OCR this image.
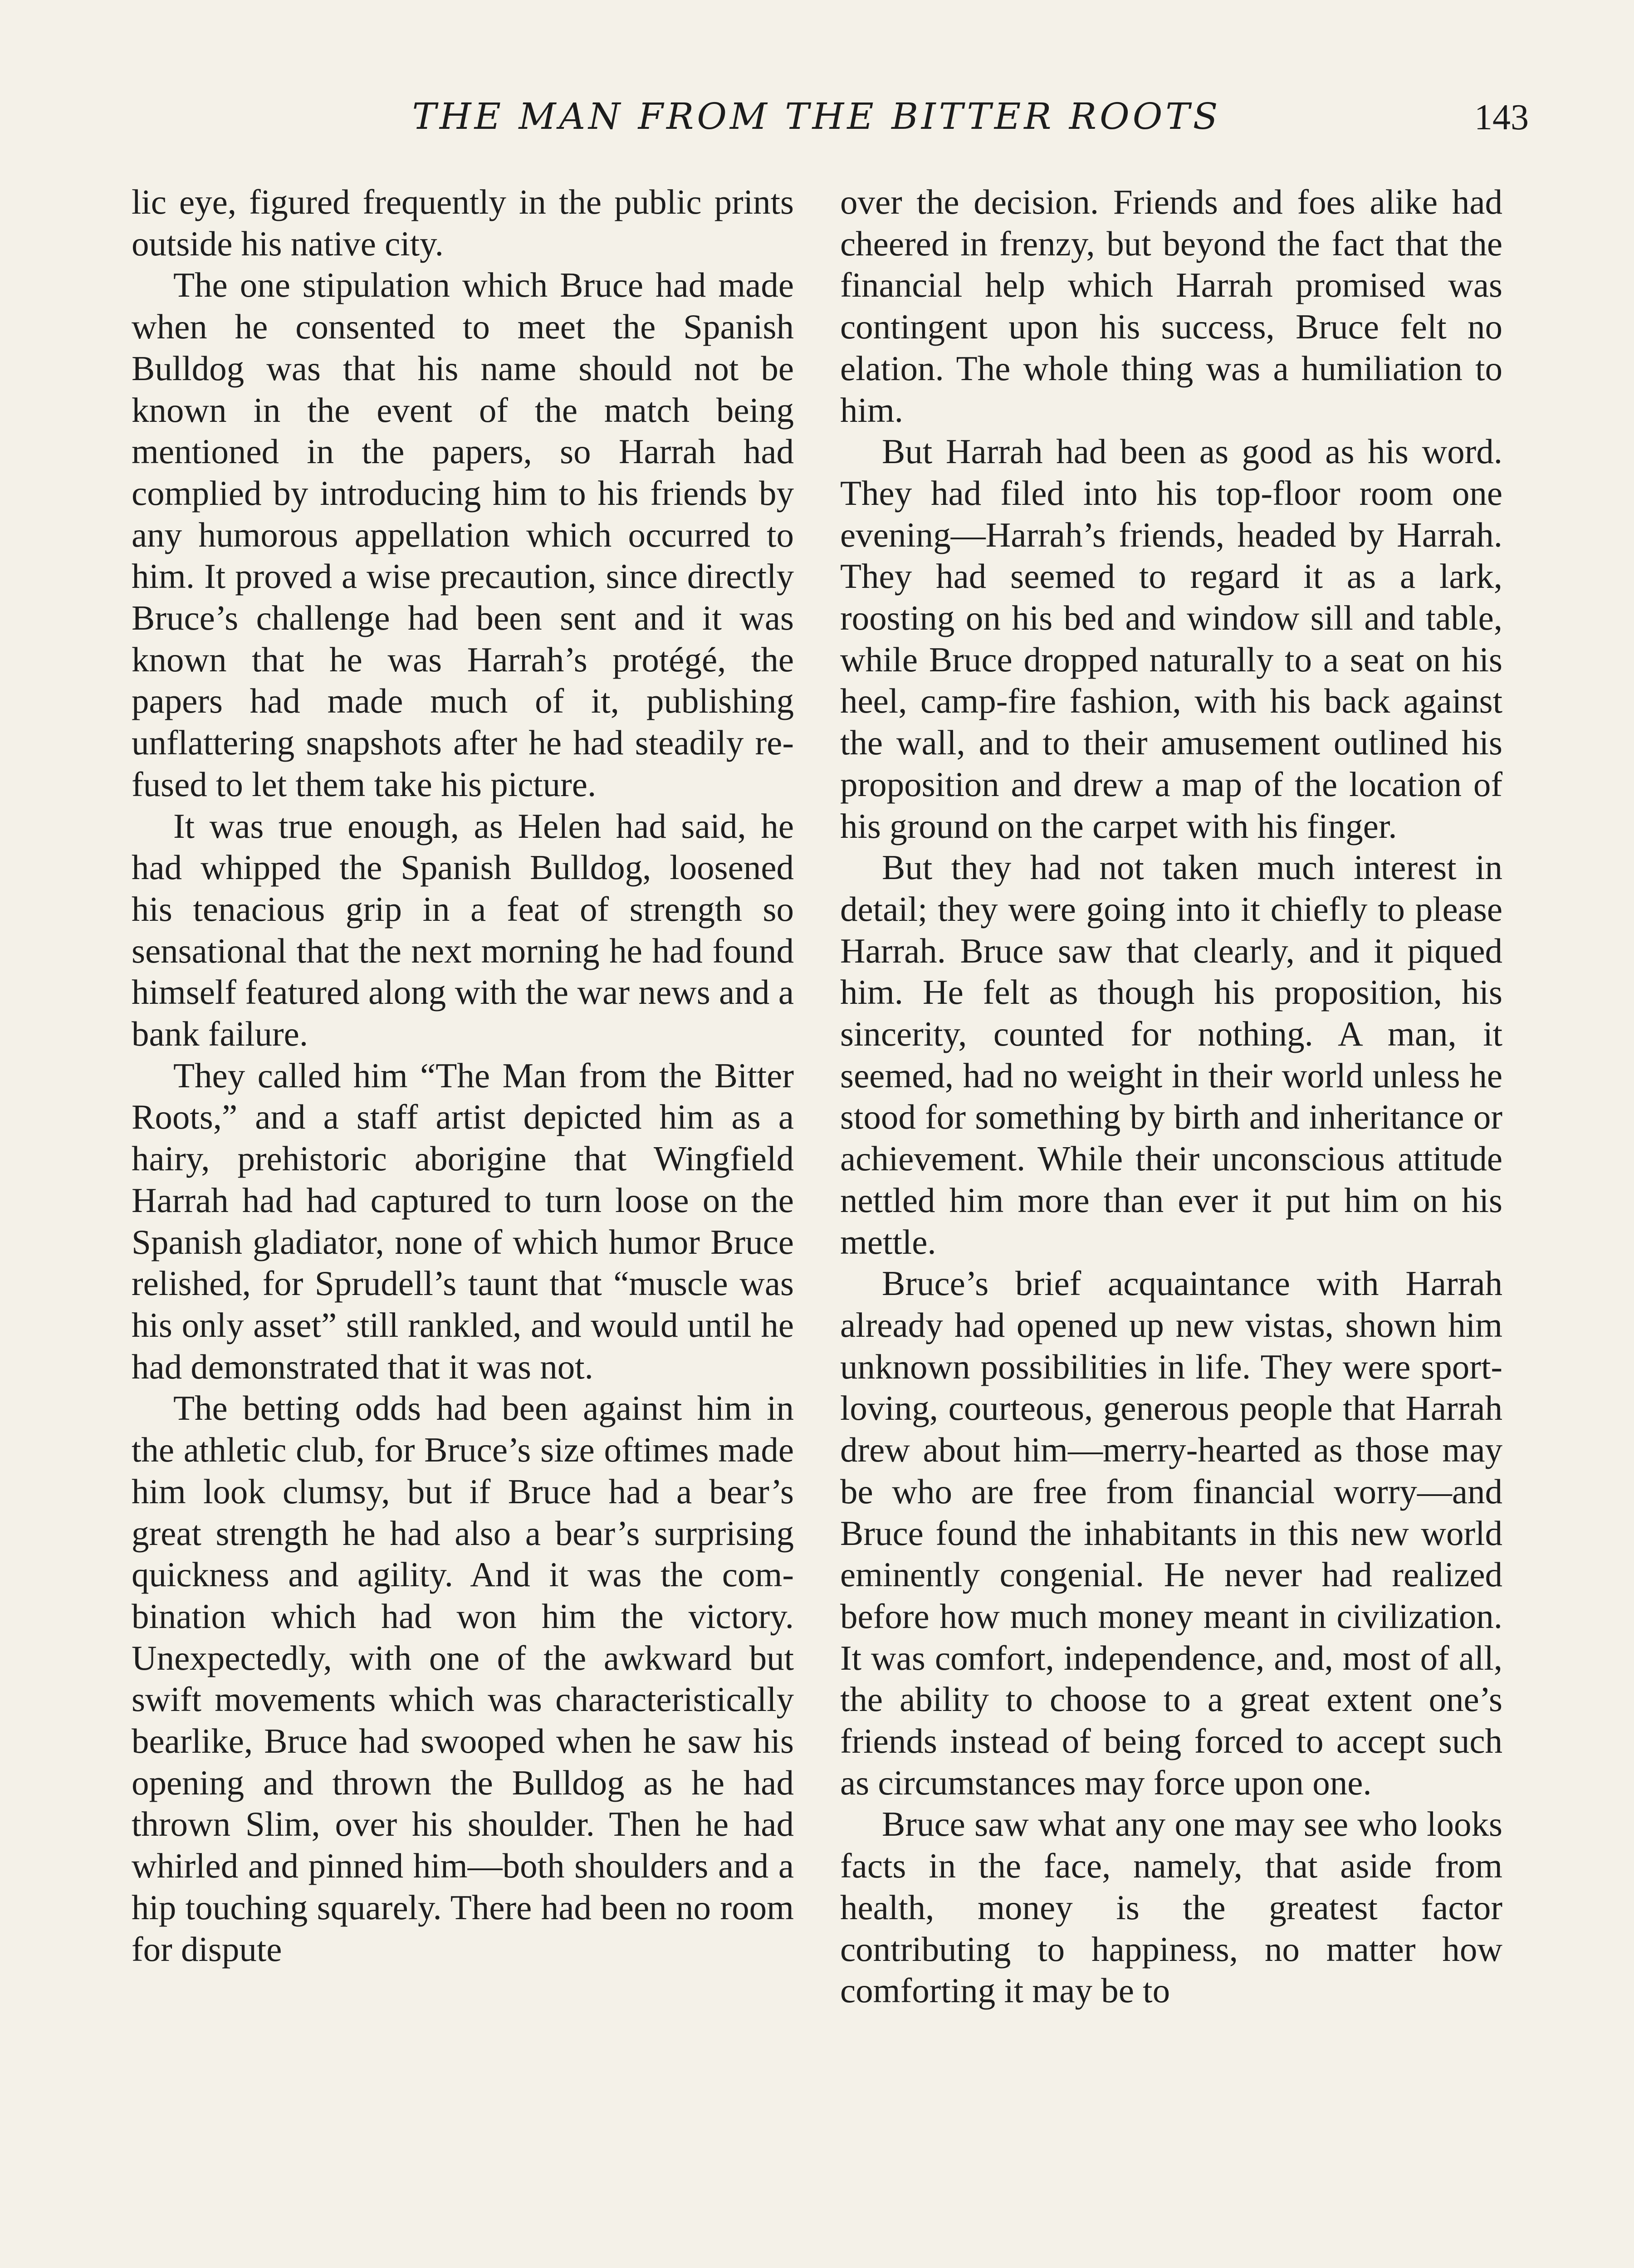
THE MAN FROM THE BITTER ROOTS	143

lic eye, figured frequently in the public prints outside his native city.

The one stipulation which Bruce had made when he consented to meet the Spanish Bulldog was that his name should not be known in the event of the match being mentioned in the papers, so Harrah had complied by introducing him to his friends by any humorous appellation which occurred to him. It proved a wise precaution, since directly Bruce’s challenge had been sent and it was known that he was Harrah’s protégé, the papers had made much of it, publishing unflattering snapshots after he had steadily refused to let them take his picture.

It was true enough, as Helen had said, he had whipped the Spanish Bulldog, loosened his tenacious grip in a feat of strength so sensational that the next morning he had found himself featured along with the war news and a bank failure.

They called him “The Man from the Bitter Roots,” and a staff artist depicted him as a hairy, prehistoric aborigine that Wingfield Harrah had had captured to turn loose on the Spanish gladiator, none of which humor Bruce relished, for Sprudell’s taunt that “muscle was his only asset” still rankled, and would until he had demonstrated that it was not.

The betting odds had been against him in the athletic club, for Bruce’s size oftimes made him look clumsy, but if Bruce had a bear’s great strength he had also a bear’s surprising quickness and agility. And it was the combination which had won him the victory. Unexpectedly, with one of the awkward but swift movements which was characteristically bearlike, Bruce had swooped when he saw his opening and thrown the Bulldog as he had thrown Slim, over his shoulder. Then he had whirled and pinned him—both shoulders and a hip touching squarely. There had been no room for dispute

over the decision. Friends and foes alike had cheered in frenzy, but beyond the fact that the financial help which Harrah promised was contingent upon his success, Bruce felt no elation. The whole thing was a humiliation to him.

But Harrah had been as good as his word. They had filed into his top-floor room one evening—Harrah’s friends, headed by Harrah. They had seemed to regard it as a lark, roosting on his bed and window sill and table, while Bruce dropped naturally to a seat on his heel, camp-fire fashion, with his back against the wall, and to their amusement outlined his proposition and drew a map of the location of his ground on the carpet with his finger.

But they had not taken much interest in detail; they were going into it chiefly to please Harrah. Bruce saw that clearly, and it piqued him. He felt as though his proposition, his sincerity, counted for nothing. A man, it seemed, had no weight in their world unless he stood for something by birth and inheritance or achievement. While their unconscious attitude nettled him more than ever it put him on his mettle.

Bruce’s brief acquaintance with Harrah already had opened up new vistas, shown him unknown possibilities in life. They were sport-loving, courteous, generous people that Harrah drew about him—merry-hearted as those may be who are free from financial worry—and Bruce found the inhabitants in this new world eminently congenial. He never had realized before how much money meant in civilization. It was comfort, independence, and, most of all, the ability to choose to a great extent one’s friends instead of being forced to accept such as circumstances may force upon one.

Bruce saw what any one may see who looks facts in the face, namely, that aside from health, money is the greatest factor contributing to happiness, no matter how comforting it may be to
